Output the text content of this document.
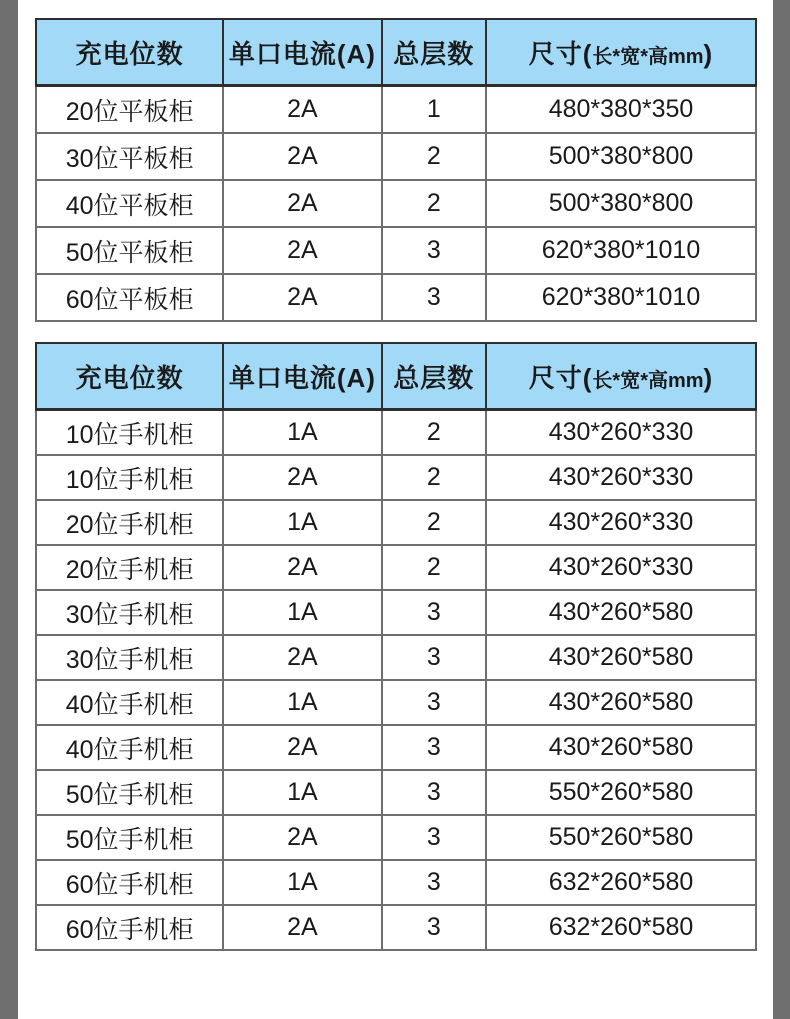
充电位数	单口电流(A)	总层数	尺寸(长*宽*高mm)
20位平板柜	2A	1	480*380*350
30位平板柜	2A	2	500*380*800
40位平板柜	2A	2	500*380*800
50位平板柜	2A	3	620*380*1010
60位平板柜	2A	3	620*380*1010
充电位数	单口电流(A)	总层数	尺寸(长*宽*高mm)
10位手机柜	1A	2	430*260*330
10位手机柜	2A	2	430*260*330
20位手机柜	1A	2	430*260*330
20位手机柜	2A	2	430*260*330
30位手机柜	1A	3	430*260*580
30位手机柜	2A	3	430*260*580
40位手机柜	1A	3	430*260*580
40位手机柜	2A	3	430*260*580
50位手机柜	1A	3	550*260*580
50位手机柜	2A	3	550*260*580
60位手机柜	1A	3	632*260*580
60位手机柜	2A	3	632*260*580
